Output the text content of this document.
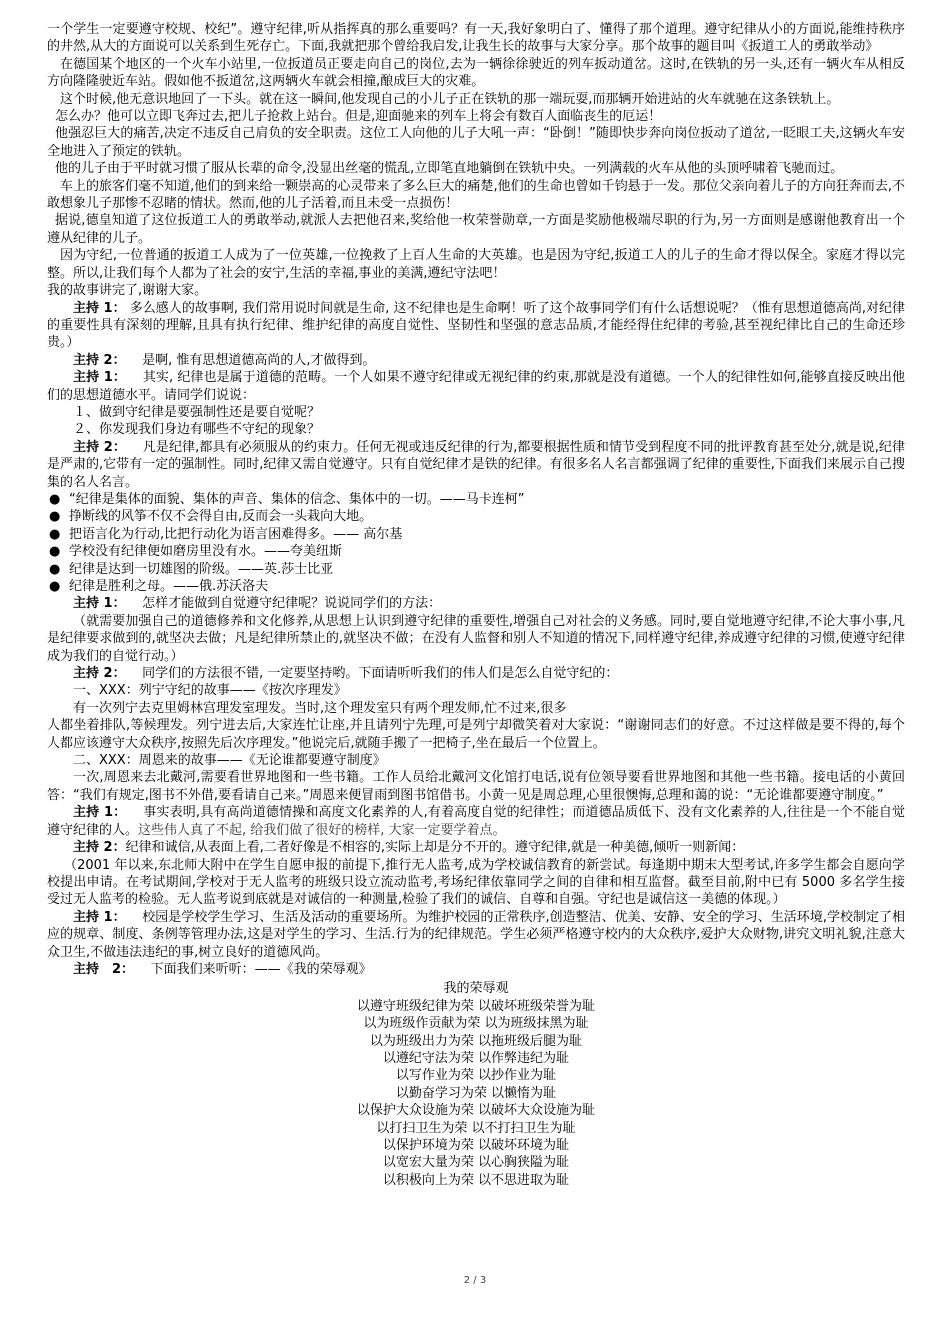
一个学生一定要遵守校规、校纪”。遵守纪律,听从指挥真的那么重要吗？有一天,我好象明白了、懂得了那个道理。遵守纪律从小的方面说,能维持秩序的井然,从大的方面说可以关系到生死存亡。下面,我就把那个曾给我启发,让我生长的故事与大家分享。那个故事的题目叫《扳道工人的勇敢举动》

在德国某个地区的一个火车小站里,一位扳道员正要走向自己的岗位,去为一辆徐徐驶近的列车扳动道岔。这时,在铁轨的另一头,还有一辆火车从相反方向隆隆驶近车站。假如他不扳道岔,这两辆火车就会相撞,酿成巨大的灾难。

这个时候,他无意识地回了一下头。就在这一瞬间,他发现自己的小儿子正在铁轨的那一端玩耍,而那辆开始进站的火车就驰在这条铁轨上。

怎么办？他可以立即飞奔过去,把儿子抢救上站台。但是,迎面驰来的列车上将会有数百人面临丧生的厄运！

他强忍巨大的痛苦,决定不违反自己肩负的安全职责。这位工人向他的儿子大吼一声：“卧倒！”随即快步奔向岗位扳动了道岔,一眨眼工夫,这辆火车安全地进入了预定的铁轨。

他的儿子由于平时就习惯了服从长辈的命令,没显出丝毫的慌乱,立即笔直地躺倒在铁轨中央。一列满载的火车从他的头顶呼啸着飞驰而过。

车上的旅客们毫不知道,他们的到来给一颗崇高的心灵带来了多么巨大的痛楚,他们的生命也曾如千钧悬于一发。那位父亲向着儿子的方向狂奔而去,不敢想象儿子那惨不忍睹的情状。然而,他的儿子活着,而且未受一点损伤！

据说,德皇知道了这位扳道工人的勇敢举动,就派人去把他召来,奖给他一枚荣誉勋章,一方面是奖励他极端尽职的行为,另一方面则是感谢他教育出一个遵从纪律的儿子。

因为守纪,一位普通的扳道工人成为了一位英雄,一位挽救了上百人生命的大英雄。也是因为守纪,扳道工人的儿子的生命才得以保全。家庭才得以完整。所以,让我们每个人都为了社会的安宁,生活的幸福,事业的美满,遵纪守法吧！

我的故事讲完了,谢谢大家。

主持 1： 多么感人的故事啊, 我们常用说时间就是生命, 这不纪律也是生命啊！听了这个故事同学们有什么话想说呢？（惟有思想道德高尚,对纪律的重要性具有深刻的理解,且具有执行纪律、维护纪律的高度自觉性、坚韧性和坚强的意志品质,才能经得住纪律的考验,甚至视纪律比自己的生命还珍贵。）

主持 2： 是啊, 惟有思想道德高尚的人,才做得到。

主持 1： 其实, 纪律也是属于道德的范畴。一个人如果不遵守纪律或无视纪律的约束,那就是没有道德。一个人的纪律性如何,能够直接反映出他们的思想道德水平。请同学们说说：

１、做到守纪律是要强制性还是要自觉呢？

２、你发现我们身边有哪些不守纪的现象？

主持 2： 凡是纪律,都具有必须服从的约束力。任何无视或违反纪律的行为,都要根据性质和情节受到程度不同的批评教育甚至处分,就是说,纪律是严肃的,它带有一定的强制性。同时,纪律又需自觉遵守。只有自觉纪律才是铁的纪律。有很多名人名言都强调了纪律的重要性,下面我们来展示自己搜集的名人名言。

● “纪律是集体的面貌、集体的声音、集体的信念、集体中的一切。——马卡连柯”
● 挣断线的风筝不仅不会得自由,反而会一头栽向大地。
● 把语言化为行动,比把行动化为语言困难得多。—— 高尔基
● 学校没有纪律便如磨房里没有水。——夸美纽斯
● 纪律是达到一切雄图的阶级。——英.莎士比亚
● 纪律是胜利之母。——俄.苏沃洛夫

主持 1： 怎样才能做到自觉遵守纪律呢？说说同学们的方法：

（就需要加强自己的道德修养和文化修养,从思想上认识到遵守纪律的重要性,增强自己对社会的义务感。同时,要自觉地遵守纪律,不论大事小事,凡是纪律要求做到的,就坚决去做；凡是纪律所禁止的,就坚决不做；在没有人监督和别人不知道的情况下,同样遵守纪律,养成遵守纪律的习惯,使遵守纪律成为我们的自觉行动。）

主持 2： 同学们的方法很不错, 一定要坚持哟。下面请听听我们的伟人们是怎么自觉守纪的：

一、XXX：列宁守纪的故事——《按次序理发》

有一次列宁去克里姆林宫理发室理发。当时,这个理发室只有两个理发师,忙不过来,很多

人都坐着排队,等候理发。列宁进去后,大家连忙让座,并且请列宁先理,可是列宁却微笑着对大家说：“谢谢同志们的好意。不过这样做是要不得的,每个人都应该遵守大众秩序,按照先后次序理发。”他说完后,就随手搬了一把椅子,坐在最后一个位置上。

二、XXX：周恩来的故事——《无论谁都要遵守制度》

一次,周恩来去北戴河,需要看世界地图和一些书籍。工作人员给北戴河文化馆打电话,说有位领导要看世界地图和其他一些书籍。接电话的小黄回答：“我们有规定,图书不外借,要看请自己来。”周恩来便冒雨到图书馆借书。小黄一见是周总理,心里很懊悔,总理和蔼的说：“无论谁都要遵守制度。”

主持 1： 事实表明,具有高尚道德情操和高度文化素养的人,有着高度自觉的纪律性；而道德品质低下、没有文化素养的人,往往是一个不能自觉遵守纪律的人。这些伟人真了不起, 给我们做了很好的榜样, 大家一定要学着点。

主持 2：纪律和诚信,从表面上看,二者好像是不相容的,实际上却是分不开的。遵守纪律,就是一种美德,倾听一则新闻：

（2001 年以来,东北师大附中在学生自愿申报的前提下,推行无人监考,成为学校诚信教育的新尝试。每逢期中期末大型考试,许多学生都会自愿向学校提出申请。在考试期间,学校对于无人监考的班级只设立流动监考,考场纪律依靠同学之间的自律和相互监督。截至目前,附中已有 5000 多名学生接受过无人监考的检验。无人监考说到底就是对诚信的一种测量,检验了我们的诚信、自尊和自强。守纪也是诚信这一美德的体现。）

主持 1： 校园是学校学生学习、生活及活动的重要场所。为维护校园的正常秩序,创造整洁、优美、安静、安全的学习、生活环境,学校制定了相应的规章、制度、条例等管理办法,这是对学生的学习、生活.行为的纪律规范。学生必须严格遵守校内的大众秩序,爱护大众财物,讲究文明礼貌,注意大众卫生,不做违法违纪的事,树立良好的道德风尚。

主持　2： 下面我们来听听：——《我的荣辱观》

我的荣辱观
以遵守班级纪律为荣 以破坏班级荣誉为耻
以为班级作贡献为荣 以为班级抹黑为耻
以为班级出力为荣 以拖班级后腿为耻
以遵纪守法为荣 以作弊违纪为耻
以写作业为荣 以抄作业为耻
以勤奋学习为荣 以懒惰为耻
以保护大众设施为荣 以破坏大众设施为耻
以打扫卫生为荣 以不打扫卫生为耻
以保护环境为荣 以破坏环境为耻
以宽宏大量为荣 以心胸狭隘为耻
以积极向上为荣 以不思进取为耻
2 / 3
